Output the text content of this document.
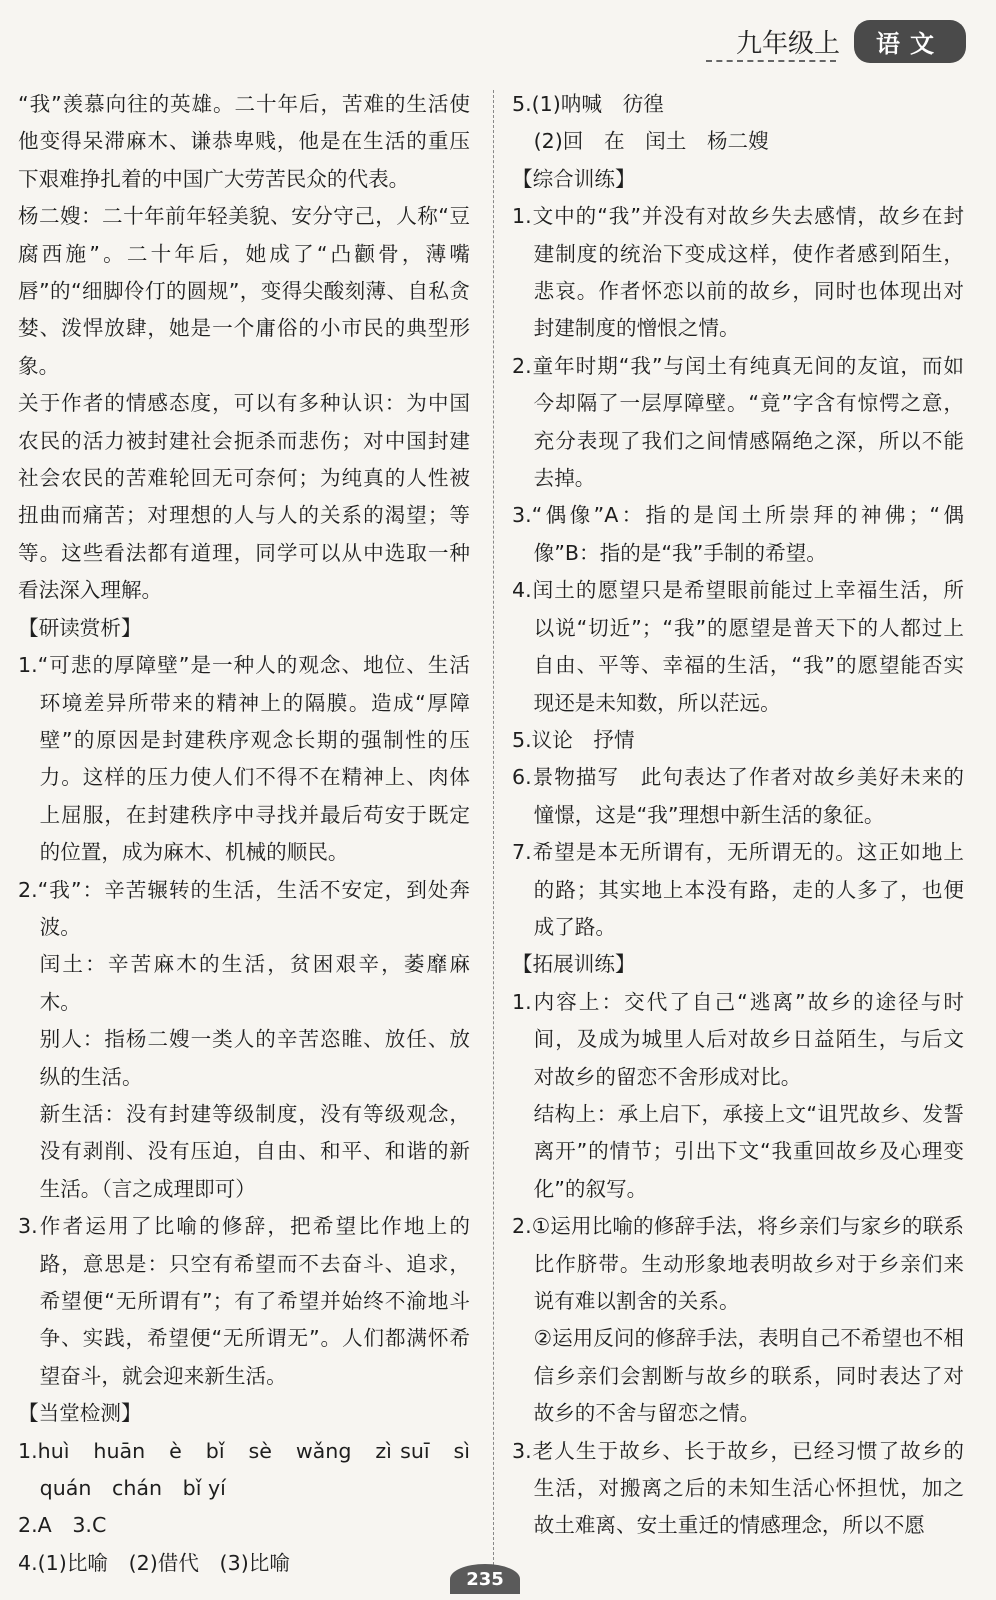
九年级上	语文

“我”羡慕向往的英雄。二十年后，苦难的生活使他变得呆滞麻木、谦恭卑贱，他是在生活的重压下艰难挣扎着的中国广大劳苦民众的代表。

杨二嫂：二十年前年轻美貌、安分守己，人称“豆腐西施”。二十年后，她成了“凸颧骨，薄嘴唇”的“细脚伶仃的圆规”，变得尖酸刻薄、自私贪婪、泼悍放肆，她是一个庸俗的小市民的典型形象。

关于作者的情感态度，可以有多种认识：为中国农民的活力被封建社会扼杀而悲伤；对中国封建社会农民的苦难轮回无可奈何；为纯真的人性被扭曲而痛苦；对理想的人与人的关系的渴望；等等。这些看法都有道理，同学可以从中选取一种看法深入理解。

【研读赏析】

1.“可悲的厚障壁”是一种人的观念、地位、生活环境差异所带来的精神上的隔膜。造成“厚障壁”的原因是封建秩序观念长期的强制性的压力。这样的压力使人们不得不在精神上、肉体上屈服，在封建秩序中寻找并最后苟安于既定的位置，成为麻木、机械的顺民。

2.“我”：辛苦辗转的生活，生活不安定，到处奔波。

闰土：辛苦麻木的生活，贫困艰辛，萎靡麻木。

别人：指杨二嫂一类人的辛苦恣睢、放任、放纵的生活。

新生活：没有封建等级制度，没有等级观念，没有剥削、没有压迫，自由、和平、和谐的新生活。（言之成理即可）

3.作者运用了比喻的修辞，把希望比作地上的路，意思是：只空有希望而不去奋斗、追求，希望便“无所谓有”；有了希望并始终不渝地斗争、实践，希望便“无所谓无”。人们都满怀希望奋斗，就会迎来新生活。

【当堂检测】

1.huì　huān　è　bǐ　sè　wǎng　zì suī　sì　quán　chán　bǐ yí

2.A　3.C

4.(1)比喻　(2)借代　(3)比喻

5.(1)呐喊　彷徨

(2)回　在　闰土　杨二嫂

【综合训练】

1.文中的“我”并没有对故乡失去感情，故乡在封建制度的统治下变成这样，使作者感到陌生，悲哀。作者怀恋以前的故乡，同时也体现出对封建制度的憎恨之情。

2.童年时期“我”与闰土有纯真无间的友谊，而如今却隔了一层厚障壁。“竟”字含有惊愕之意，充分表现了我们之间情感隔绝之深，所以不能去掉。

3.“偶像”A：指的是闰土所崇拜的神佛；“偶像”B：指的是“我”手制的希望。

4.闰土的愿望只是希望眼前能过上幸福生活，所以说“切近”；“我”的愿望是普天下的人都过上自由、平等、幸福的生活，“我”的愿望能否实现还是未知数，所以茫远。

5.议论　抒情

6.景物描写　此句表达了作者对故乡美好未来的憧憬，这是“我”理想中新生活的象征。

7.希望是本无所谓有，无所谓无的。这正如地上的路；其实地上本没有路，走的人多了，也便成了路。

【拓展训练】

1.内容上：交代了自己“逃离”故乡的途径与时间，及成为城里人后对故乡日益陌生，与后文对故乡的留恋不舍形成对比。

结构上：承上启下，承接上文“诅咒故乡、发誓离开”的情节；引出下文“我重回故乡及心理变化”的叙写。

2.①运用比喻的修辞手法，将乡亲们与家乡的联系比作脐带。生动形象地表明故乡对于乡亲们来说有难以割舍的关系。

②运用反问的修辞手法，表明自己不希望也不相信乡亲们会割断与故乡的联系，同时表达了对故乡的不舍与留恋之情。

3.老人生于故乡、长于故乡，已经习惯了故乡的生活，对搬离之后的未知生活心怀担忧，加之故土难离、安土重迁的情感理念，所以不愿

235
